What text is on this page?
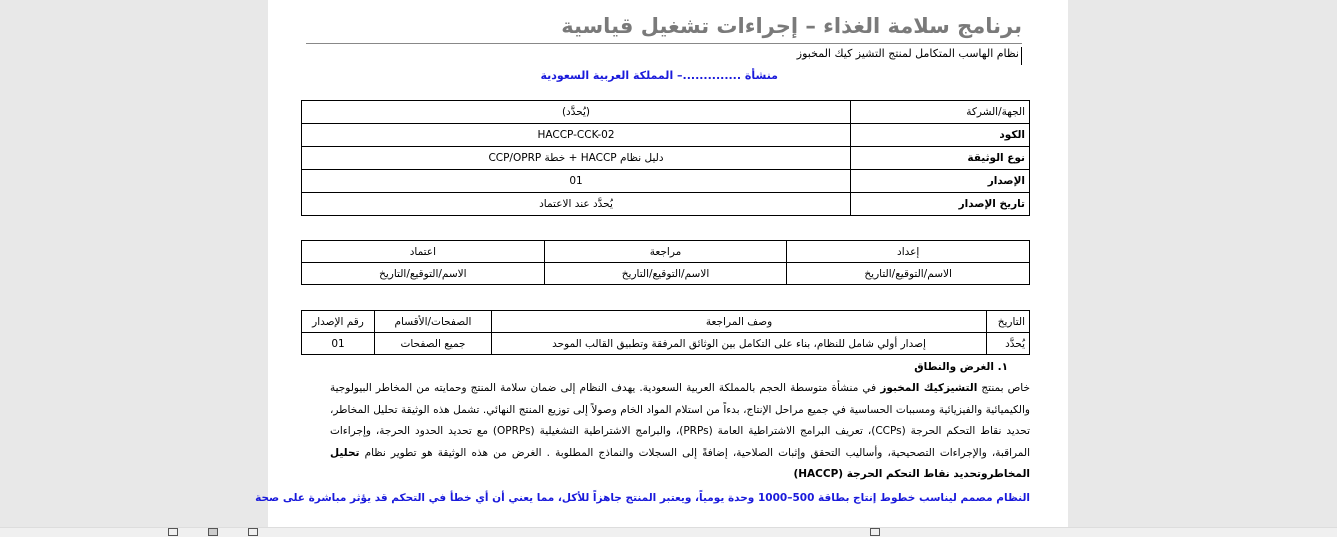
برنامج سلامة الغذاء – إجراءات تشغيل قياسية
نظام الهاسب المتكامل لمنتج التشيز كيك المخبوز
منشأة ..............– المملكة العربية السعودية
الجهة/الشركة	(يُحدَّد)
الكود	HACCP-CCK-02
نوع الوثيقة	دليل نظام HACCP + خطة CCP/OPRP
الإصدار	01
تاريخ الإصدار	يُحدَّد عند الاعتماد
إعداد	مراجعة	اعتماد
الاسم/التوقيع/التاريخ	الاسم/التوقيع/التاريخ	الاسم/التوقيع/التاريخ
التاريخ	وصف المراجعة	الصفحات/الأقسام	رقم الإصدار
يُحدَّد	إصدار أولي شامل للنظام، بناء على التكامل بين الوثائق المرفقة وتطبيق القالب الموحد	جميع الصفحات	01
١. الغرض والنطاق
خاص بمنتج التشيزكيك المخبوز في منشأة متوسطة الحجم بالمملكة العربية السعودية. يهدف النظام إلى ضمان سلامة المنتج وحمايته من المخاطر البيولوجية والكيميائية والفيزيائية ومسببات الحساسية في جميع مراحل الإنتاج، بدءاً من استلام المواد الخام وصولاً إلى توزيع المنتج النهائي. تشمل هذه الوثيقة تحليل المخاطر، تحديد نقاط التحكم الحرجة (CCPs)، تعريف البرامج الاشتراطية العامة (PRPs)، والبرامج الاشتراطية التشغيلية (OPRPs) مع تحديد الحدود الحرجة، وإجراءات المراقبة، والإجراءات التصحيحية، وأساليب التحقق وإثبات الصلاحية، إضافةً إلى السجلات والنماذج المطلوبة . الغرض من هذه الوثيقة هو تطوير نظام تحليل المخاطروتحديد نقاط التحكم الحرجة (HACCP)
النظام مصمم ليناسب خطوط إنتاج بطاقة 500–1000 وحدة يومياً، ويعتبر المنتج جاهزاً للأكل، مما يعني أن أي خطأ في التحكم قد يؤثر مباشرة على صحة
